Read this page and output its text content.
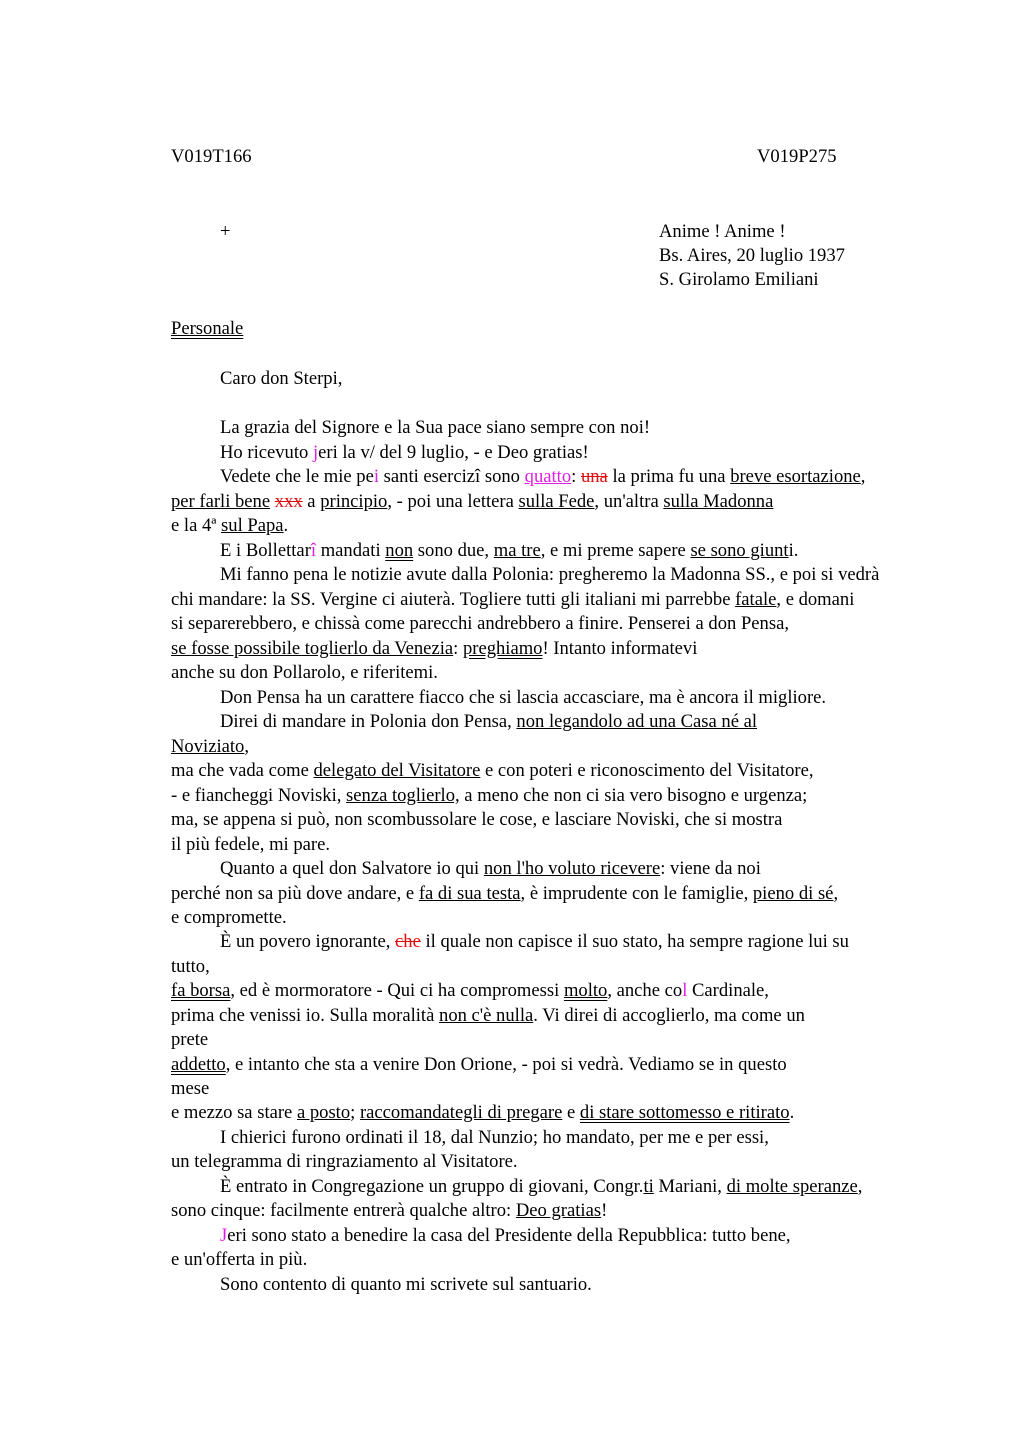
V019T166	V019P275
+	Anime ! Anime !
Bs. Aires, 20 luglio 1937
S. Girolamo Emiliani
Personale
Caro don Sterpi,
La grazia del Signore e la Sua pace siano sempre con noi!
Ho ricevuto jeri la v/ del 9 luglio, - e Deo gratias!
Vedete che le mie pei santi esercizi sono quatto: una la prima fu una breve esortazione,
per farli bene xxx a principio, - poi una lettera sulla Fede, un'altra sulla Madonna
e la 4ª sul Papa.
E i Bollettarî mandati non sono due, ma tre, e mi preme sapere se sono giunti.
Mi fanno pena le notizie avute dalla Polonia: pregheremo la Madonna SS., e poi si vedrà
chi mandare: la SS. Vergine ci aiuterà. Togliere tutti gli italiani mi parrebbe fatale, e domani
si separerebbero, e chissà come parecchi andrebbero a finire. Penserei a don Pensa,
se fosse possibile toglierlo da Venezia: preghiamo! Intanto informatevi
anche su don Pollarolo, e riferitemi.
Don Pensa ha un carattere fiacco che si lascia accasciare, ma è ancora il migliore.
Direi di mandare in Polonia don Pensa, non legandolo ad una Casa né al
Noviziato,
ma che vada come delegato del Visitatore e con poteri e riconoscimento del Visitatore,
- e fiancheggi Noviski, senza toglierlo, a meno che non ci sia vero bisogno e urgenza;
ma, se appena si può, non scombussolare le cose, e lasciare Noviski, che si mostra
il più fedele, mi pare.
Quanto a quel don Salvatore io qui non l'ho voluto ricevere: viene da noi
perché non sa più dove andare, e fa di sua testa, è imprudente con le famiglie, pieno di sé,
e compromette.
È un povero ignorante, che il quale non capisce il suo stato, ha sempre ragione lui su
tutto,
fa borsa, ed è mormoratore - Qui ci ha compromessi molto, anche col Cardinale,
prima che venissi io. Sulla moralità non c'è nulla. Vi direi di accoglierlo, ma come un
prete
addetto, e intanto che sta a venire Don Orione, - poi si vedrà. Vediamo se in questo
mese
e mezzo sa stare a posto; raccomandategli di pregare e di stare sottomesso e ritirato.
I chierici furono ordinati il 18, dal Nunzio; ho mandato, per me e per essi,
un telegramma di ringraziamento al Visitatore.
È entrato in Congregazione un gruppo di giovani, Congr.ti Mariani, di molte speranze,
sono cinque: facilmente entrerà qualche altro: Deo gratias!
Jeri sono stato a benedire la casa del Presidente della Repubblica: tutto bene,
e un'offerta in più.
Sono contento di quanto mi scrivete sul santuario.
